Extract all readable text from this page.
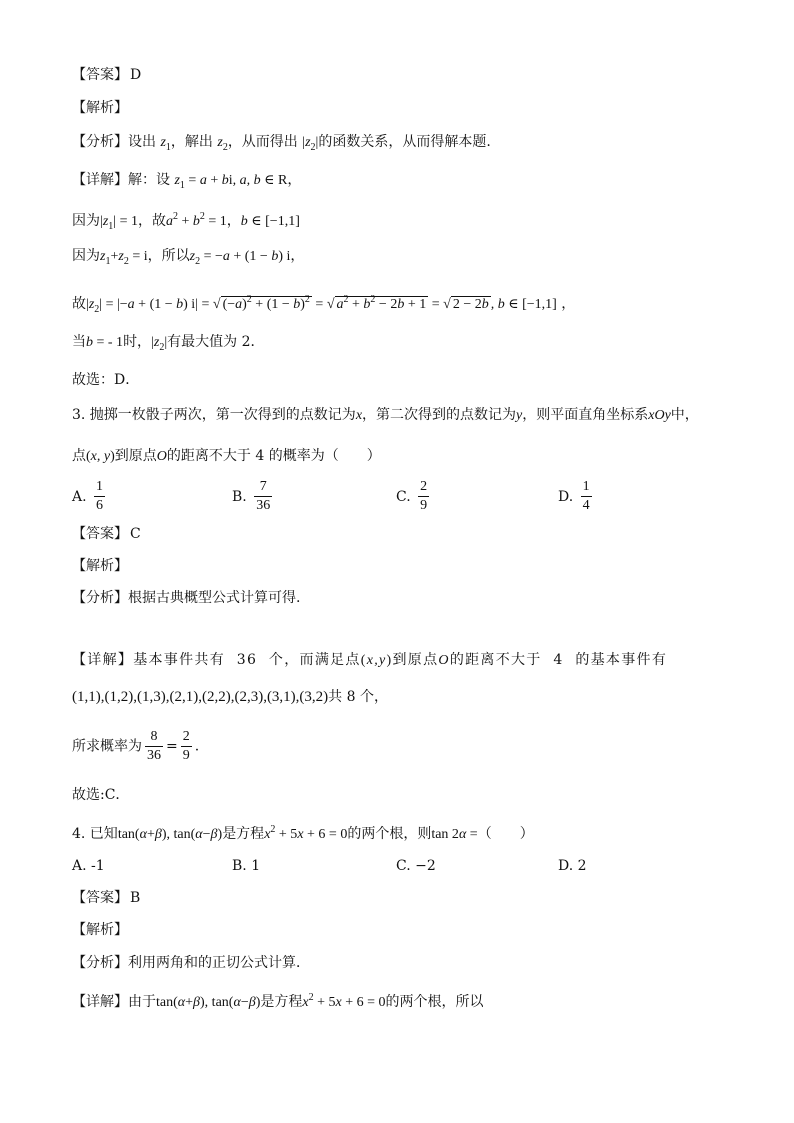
【答案】 D
【解析】
【分析】设出 $z_1$，解出 $z_2$，从而得出 $|z_2|$的函数关系，从而得解本题.
【详解】解：设 $z_1 = a$ + bi, a, b ∈ R，
因为$|z_1| = 1$，故$a^2 + b^2 = 1$，b ∈ [−1,1]
因为$z_1+z_2 = i$，所以$z_2 = -a + (1 - b)$ i，
故$|z_2| = |-a + (1 - b) i|$ = √ $(-a)^2 + (1 - b)^2$ = √ $a^2 + b^2 - 2b + 1$ = √ 2 − 2b , b ∈ [−1,1] ，
当b = - 1时，$|z_2|$有最大值为 2．
故选：D．
3. 抛掷一枚骰子两次，第一次得到的点数记为x，第二次得到的点数记为y，则平面直角坐标系xOy中，
点(x, y)到原点O的距离不大于 4 的概率为（　　）
A. $\frac{1}{6}$	B. $\frac{7}{36}$	C. $\frac{2}{9}$	D. $\frac{1}{4}$
【答案】 C
【解析】
【分析】根据古典概型公式计算可得.
【详解】基本事件共有 36 个，而满足点(x,y)到原点O的距离不大于 4 的基本事件有
(1,1),(1,2),(1,3),(2,1),(2,2),(2,3),(3,1),(3,2)共 8 个，
所求概率为 $\frac{8}{36} = \frac{2}{9}$ .
故选:C．
4. 已知tan(α+β), tan(α−β)是方程$x^2 + 5x + 6 = 0$的两个根，则tan 2α =（　　）
A. -1	B. 1	C. −2	D. 2
【答案】 B
【解析】
【分析】利用两角和的正切公式计算．
【详解】由于tan(α+β), tan(α−β)是方程$x^2 + 5x + 6 = 0$的两个根，所以
